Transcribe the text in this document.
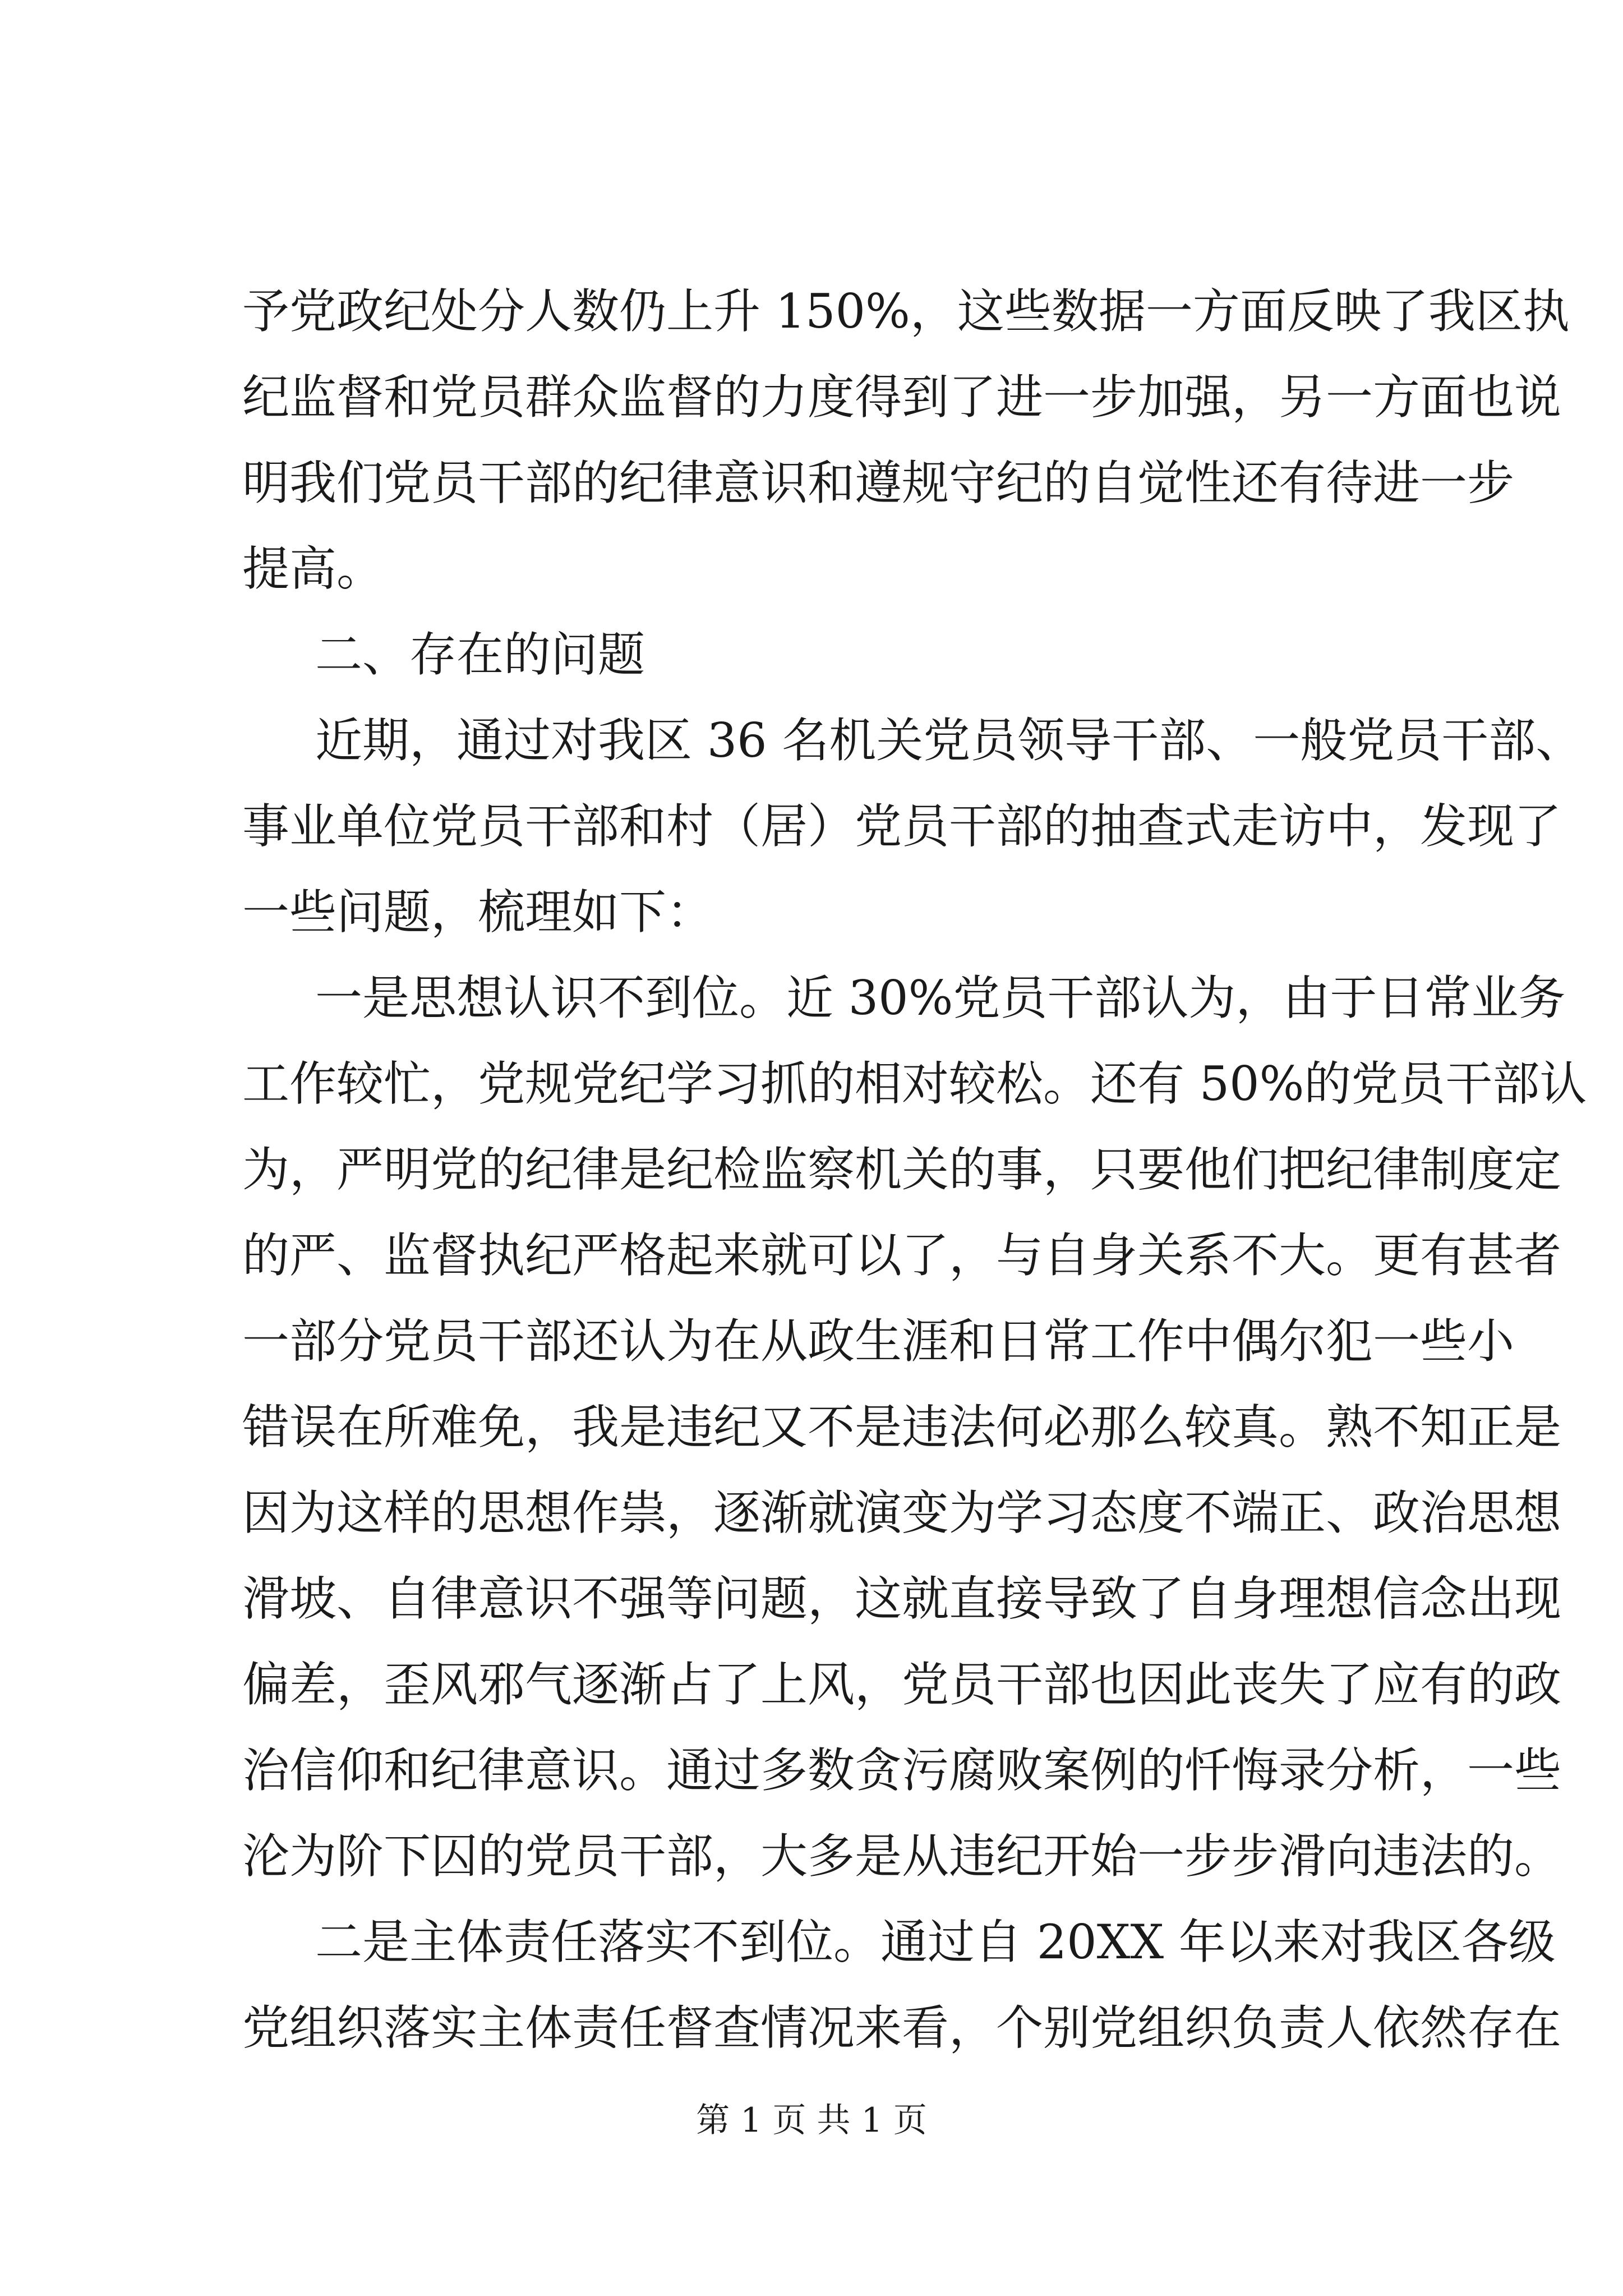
予党政纪处分人数仍上升 150%，这些数据一方面反映了我区执
纪监督和党员群众监督的力度得到了进一步加强，另一方面也说
明我们党员干部的纪律意识和遵规守纪的自觉性还有待进一步
提高。
二、存在的问题
近期，通过对我区 36 名机关党员领导干部、一般党员干部、
事业单位党员干部和村（居）党员干部的抽查式走访中，发现了
一些问题，梳理如下：
一是思想认识不到位。近 30%党员干部认为，由于日常业务
工作较忙，党规党纪学习抓的相对较松。还有 50%的党员干部认
为，严明党的纪律是纪检监察机关的事，只要他们把纪律制度定
的严、监督执纪严格起来就可以了，与自身关系不大。更有甚者
一部分党员干部还认为在从政生涯和日常工作中偶尔犯一些小
错误在所难免，我是违纪又不是违法何必那么较真。熟不知正是
因为这样的思想作祟，逐渐就演变为学习态度不端正、政治思想
滑坡、自律意识不强等问题，这就直接导致了自身理想信念出现
偏差，歪风邪气逐渐占了上风，党员干部也因此丧失了应有的政
治信仰和纪律意识。通过多数贪污腐败案例的忏悔录分析，一些
沦为阶下囚的党员干部，大多是从违纪开始一步步滑向违法的。
二是主体责任落实不到位。通过自 20XX 年以来对我区各级
党组织落实主体责任督查情况来看，个别党组织负责人依然存在
第 1 页 共 1 页
